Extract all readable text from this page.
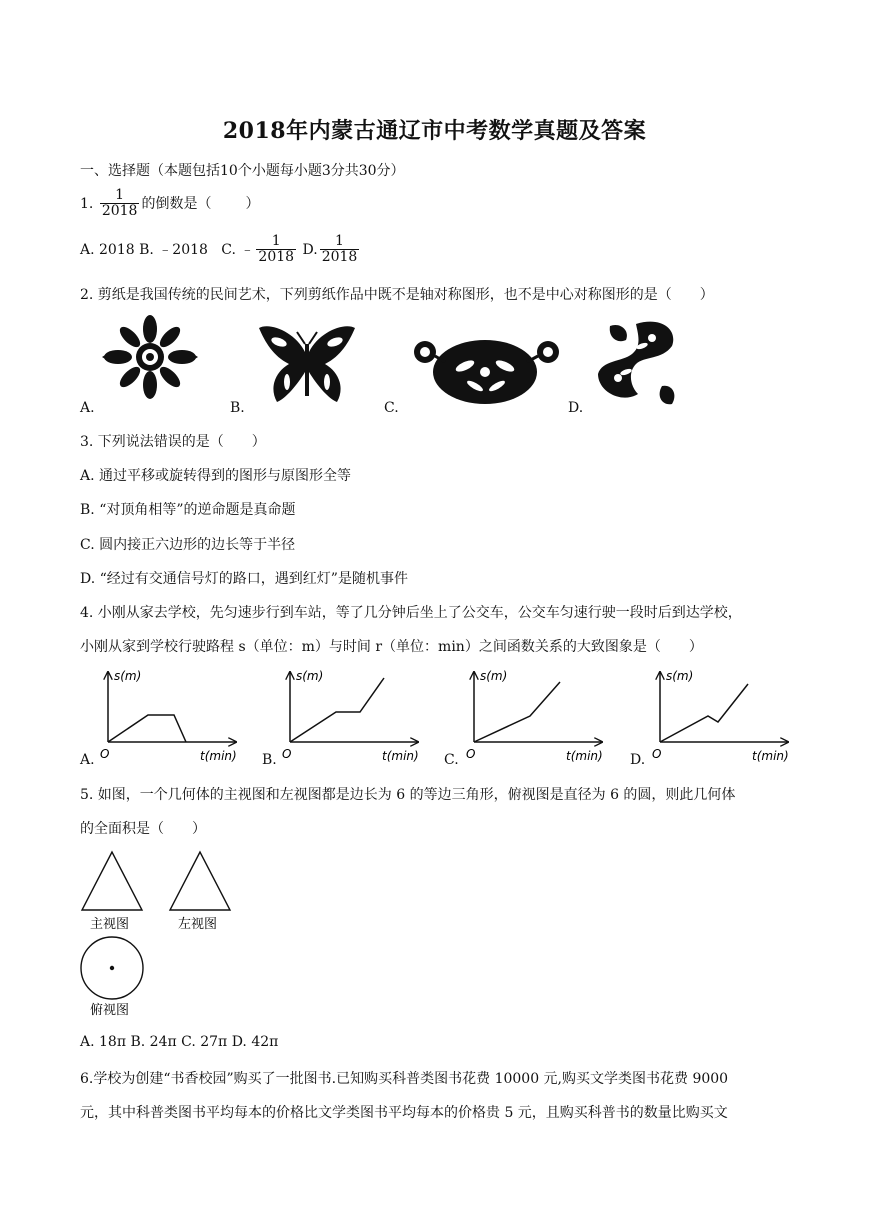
2018年内蒙古通辽市中考数学真题及答案
一、选择题（本题包括10个小题每小题3分共30分）
1. $\frac{1}{2018}$ 的倒数是（ ）
A. 2018 B. ﹣2018 C. ﹣ $\frac{1}{2018} D$. $\frac{1}{2018}$
2. 剪纸是我国传统的民间艺术，下列剪纸作品中既不是轴对称图形，也不是中心对称图形的是（　　）
A.	B.	C.	D.
3. 下列说法错误的是（　　）
A. 通过平移或旋转得到的图形与原图形全等
B. “对顶角相等”的逆命题是真命题
C. 圆内接正六边形的边长等于半径
D. “经过有交通信号灯的路口，遇到红灯”是随机事件
4. 小刚从家去学校，先匀速步行到车站，等了几分钟后坐上了公交车，公交车匀速行驶一段时后到达学校，
小刚从家到学校行驶路程 s（单位：m）与时间 r（单位：min）之间函数关系的大致图象是（　　）
s(m)
O	t(min)
s(m)
O	t(min)
s(m)
O	t(min)
s(m)
O	t(min)
A.	B.	C.	D.
5. 如图，一个几何体的主视图和左视图都是边长为 6 的等边三角形，俯视图是直径为 6 的圆，则此几何体
的全面积是（　　）
主视图	左视图
俯视图
A. 18π B. 24π C. 27π D. 42π
6.学校为创建“书香校园”购买了一批图书.已知购买科普类图书花费 10000 元,购买文学类图书花费 9000
元，其中科普类图书平均每本的价格比文学类图书平均每本的价格贵 5 元，且购买科普书的数量比购买文
